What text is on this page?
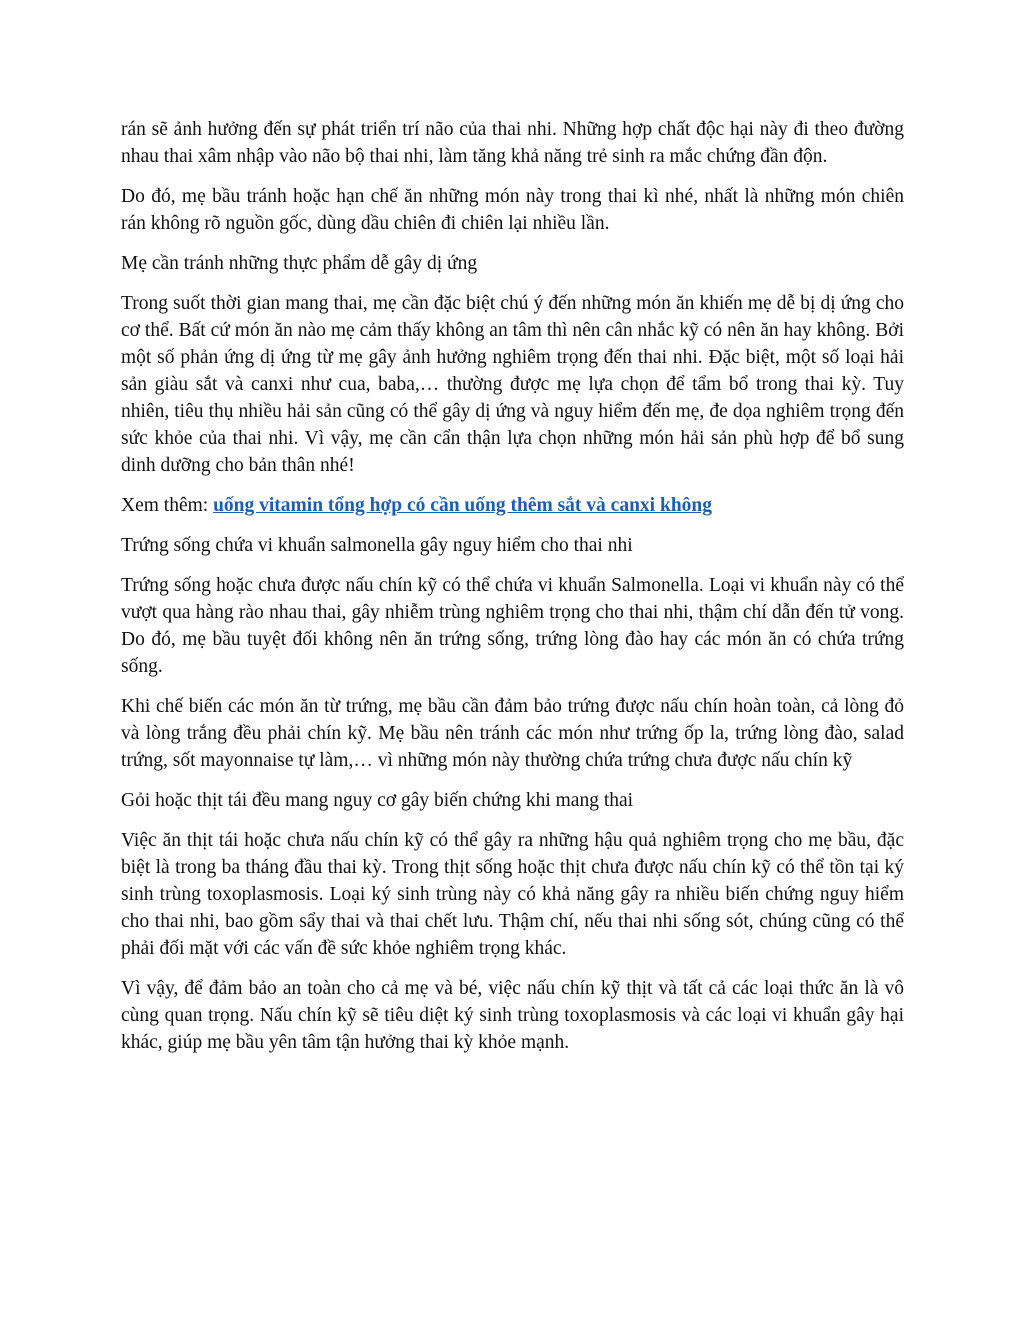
rán sẽ ảnh hưởng đến sự phát triển trí não của thai nhi. Những hợp chất độc hại này đi theo đường nhau thai xâm nhập vào não bộ thai nhi, làm tăng khả năng trẻ sinh ra mắc chứng đần độn.

Do đó, mẹ bầu tránh hoặc hạn chế ăn những món này trong thai kì nhé, nhất là những món chiên rán không rõ nguồn gốc, dùng dầu chiên đi chiên lại nhiều lần.

Mẹ cần tránh những thực phẩm dễ gây dị ứng

Trong suốt thời gian mang thai, mẹ cần đặc biệt chú ý đến những món ăn khiến mẹ dễ bị dị ứng cho cơ thể. Bất cứ món ăn nào mẹ cảm thấy không an tâm thì nên cân nhắc kỹ có nên ăn hay không. Bởi một số phản ứng dị ứng từ mẹ gây ảnh hưởng nghiêm trọng đến thai nhi. Đặc biệt, một số loại hải sản giàu sắt và canxi như cua, baba,… thường được mẹ lựa chọn để tẩm bổ trong thai kỳ. Tuy nhiên, tiêu thụ nhiều hải sản cũng có thể gây dị ứng và nguy hiểm đến mẹ, đe dọa nghiêm trọng đến sức khỏe của thai nhi. Vì vậy, mẹ cần cẩn thận lựa chọn những món hải sản phù hợp để bổ sung dinh dưỡng cho bản thân nhé!

Xem thêm: uống vitamin tổng hợp có cần uống thêm sắt và canxi không

Trứng sống chứa vi khuẩn salmonella gây nguy hiểm cho thai nhi

Trứng sống hoặc chưa được nấu chín kỹ có thể chứa vi khuẩn Salmonella. Loại vi khuẩn này có thể vượt qua hàng rào nhau thai, gây nhiễm trùng nghiêm trọng cho thai nhi, thậm chí dẫn đến tử vong. Do đó, mẹ bầu tuyệt đối không nên ăn trứng sống, trứng lòng đào hay các món ăn có chứa trứng sống.

Khi chế biến các món ăn từ trứng, mẹ bầu cần đảm bảo trứng được nấu chín hoàn toàn, cả lòng đỏ và lòng trắng đều phải chín kỹ. Mẹ bầu nên tránh các món như trứng ốp la, trứng lòng đào, salad trứng, sốt mayonnaise tự làm,… vì những món này thường chứa trứng chưa được nấu chín kỹ

Gỏi hoặc thịt tái đều mang nguy cơ gây biến chứng khi mang thai

Việc ăn thịt tái hoặc chưa nấu chín kỹ có thể gây ra những hậu quả nghiêm trọng cho mẹ bầu, đặc biệt là trong ba tháng đầu thai kỳ. Trong thịt sống hoặc thịt chưa được nấu chín kỹ có thể tồn tại ký sinh trùng toxoplasmosis. Loại ký sinh trùng này có khả năng gây ra nhiều biến chứng nguy hiểm cho thai nhi, bao gồm sẩy thai và thai chết lưu. Thậm chí, nếu thai nhi sống sót, chúng cũng có thể phải đối mặt với các vấn đề sức khỏe nghiêm trọng khác.

Vì vậy, để đảm bảo an toàn cho cả mẹ và bé, việc nấu chín kỹ thịt và tất cả các loại thức ăn là vô cùng quan trọng. Nấu chín kỹ sẽ tiêu diệt ký sinh trùng toxoplasmosis và các loại vi khuẩn gây hại khác, giúp mẹ bầu yên tâm tận hưởng thai kỳ khỏe mạnh.
